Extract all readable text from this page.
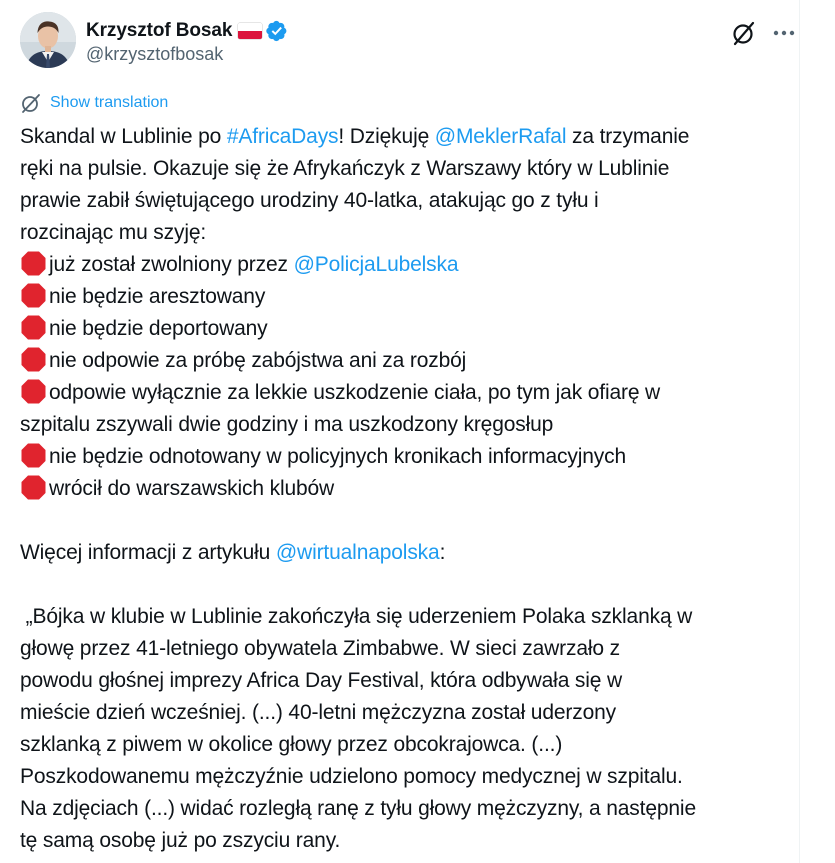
Krzysztof Bosak
@krzysztofbosak
Show translation
Skandal w Lublinie po #AfricaDays! Dziękuję @MeklerRafal za trzymanie
ręki na pulsie. Okazuje się że Afrykańczyk z Warszawy który w Lublinie
prawie zabił świętującego urodziny 40-latka, atakując go z tyłu i
rozcinając mu szyję:
już został zwolniony przez @PolicjaLubelska
nie będzie aresztowany
nie będzie deportowany
nie odpowie za próbę zabójstwa ani za rozbój
odpowie wyłącznie za lekkie uszkodzenie ciała, po tym jak ofiarę w
szpitalu zszywali dwie godziny i ma uszkodzony kręgosłup
nie będzie odnotowany w policyjnych kronikach informacyjnych
wrócił do warszawskich klubów
Więcej informacji z artykułu @wirtualnapolska:
„Bójka w klubie w Lublinie zakończyła się uderzeniem Polaka szklanką w
głowę przez 41-letniego obywatela Zimbabwe. W sieci zawrzało z
powodu głośnej imprezy Africa Day Festival, która odbywała się w
mieście dzień wcześniej. (...) 40-letni mężczyzna został uderzony
szklanką z piwem w okolice głowy przez obcokrajowca. (...)
Poszkodowanemu mężczyźnie udzielono pomocy medycznej w szpitalu.
Na zdjęciach (...) widać rozległą ranę z tyłu głowy mężczyzny, a następnie
tę samą osobę już po zszyciu rany.
